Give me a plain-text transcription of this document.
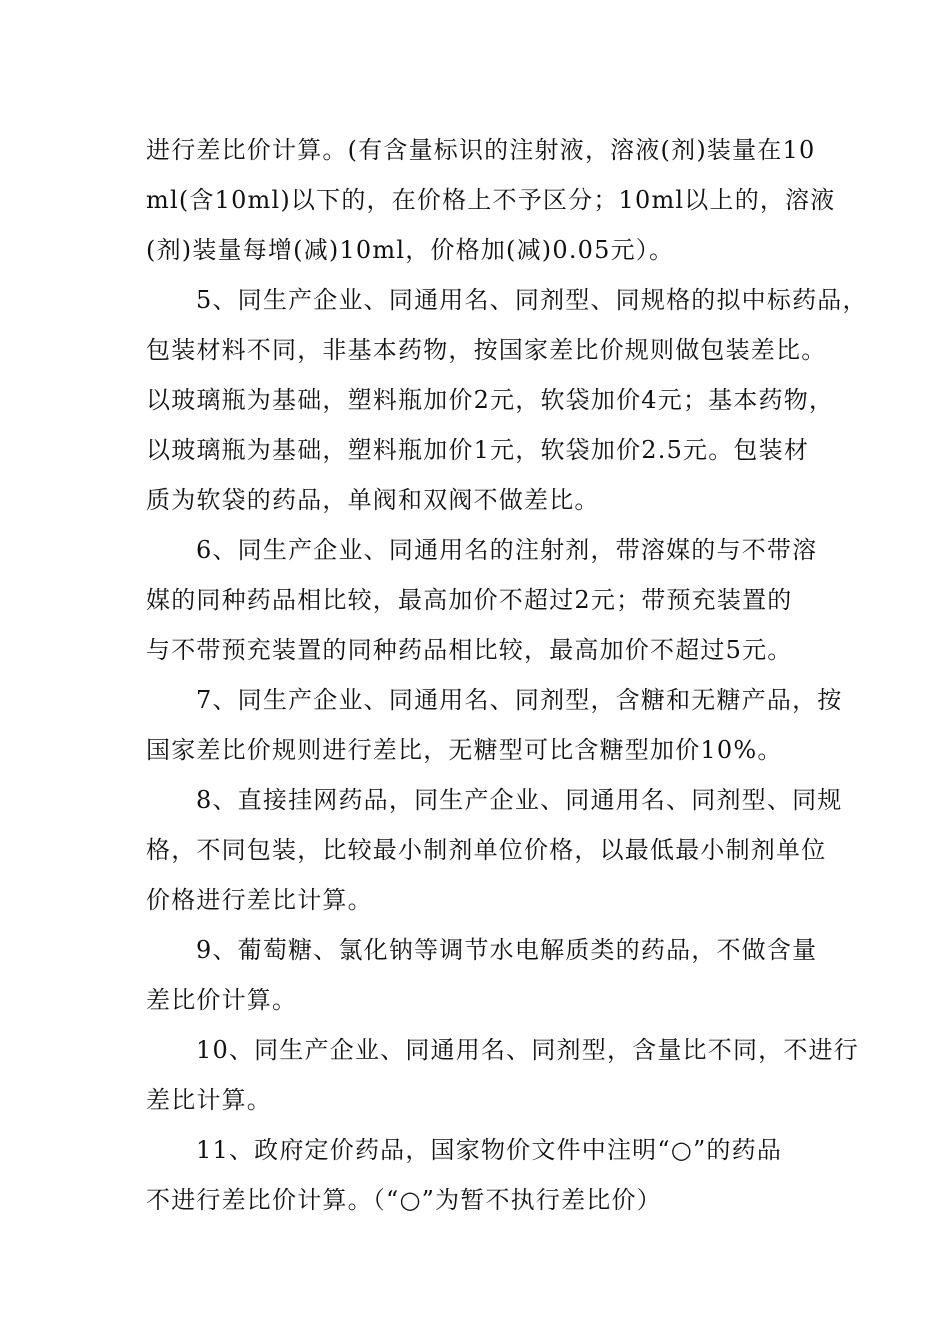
进行差比价计算。(有含量标识的注射液，溶液(剂)装量在10
ml(含10ml)以下的，在价格上不予区分；10ml以上的，溶液
(剂)装量每增(减)10ml，价格加(减)0.05元）。
5、同生产企业、同通用名、同剂型、同规格的拟中标药品，
包装材料不同，非基本药物，按国家差比价规则做包装差比。
以玻璃瓶为基础，塑料瓶加价2元，软袋加价4元；基本药物，
以玻璃瓶为基础，塑料瓶加价1元，软袋加价2.5元。包装材
质为软袋的药品，单阀和双阀不做差比。
6、同生产企业、同通用名的注射剂，带溶媒的与不带溶
媒的同种药品相比较，最高加价不超过2元；带预充装置的
与不带预充装置的同种药品相比较，最高加价不超过5元。
7、同生产企业、同通用名、同剂型，含糖和无糖产品，按
国家差比价规则进行差比，无糖型可比含糖型加价10%。
8、直接挂网药品，同生产企业、同通用名、同剂型、同规
格，不同包装，比较最小制剂单位价格，以最低最小制剂单位
价格进行差比计算。
9、葡萄糖、氯化钠等调节水电解质类的药品，不做含量
差比价计算。
10、同生产企业、同通用名、同剂型，含量比不同，不进行
差比计算。
11、政府定价药品，国家物价文件中注明“○”的药品
不进行差比价计算。（“○”为暂不执行差比价）
